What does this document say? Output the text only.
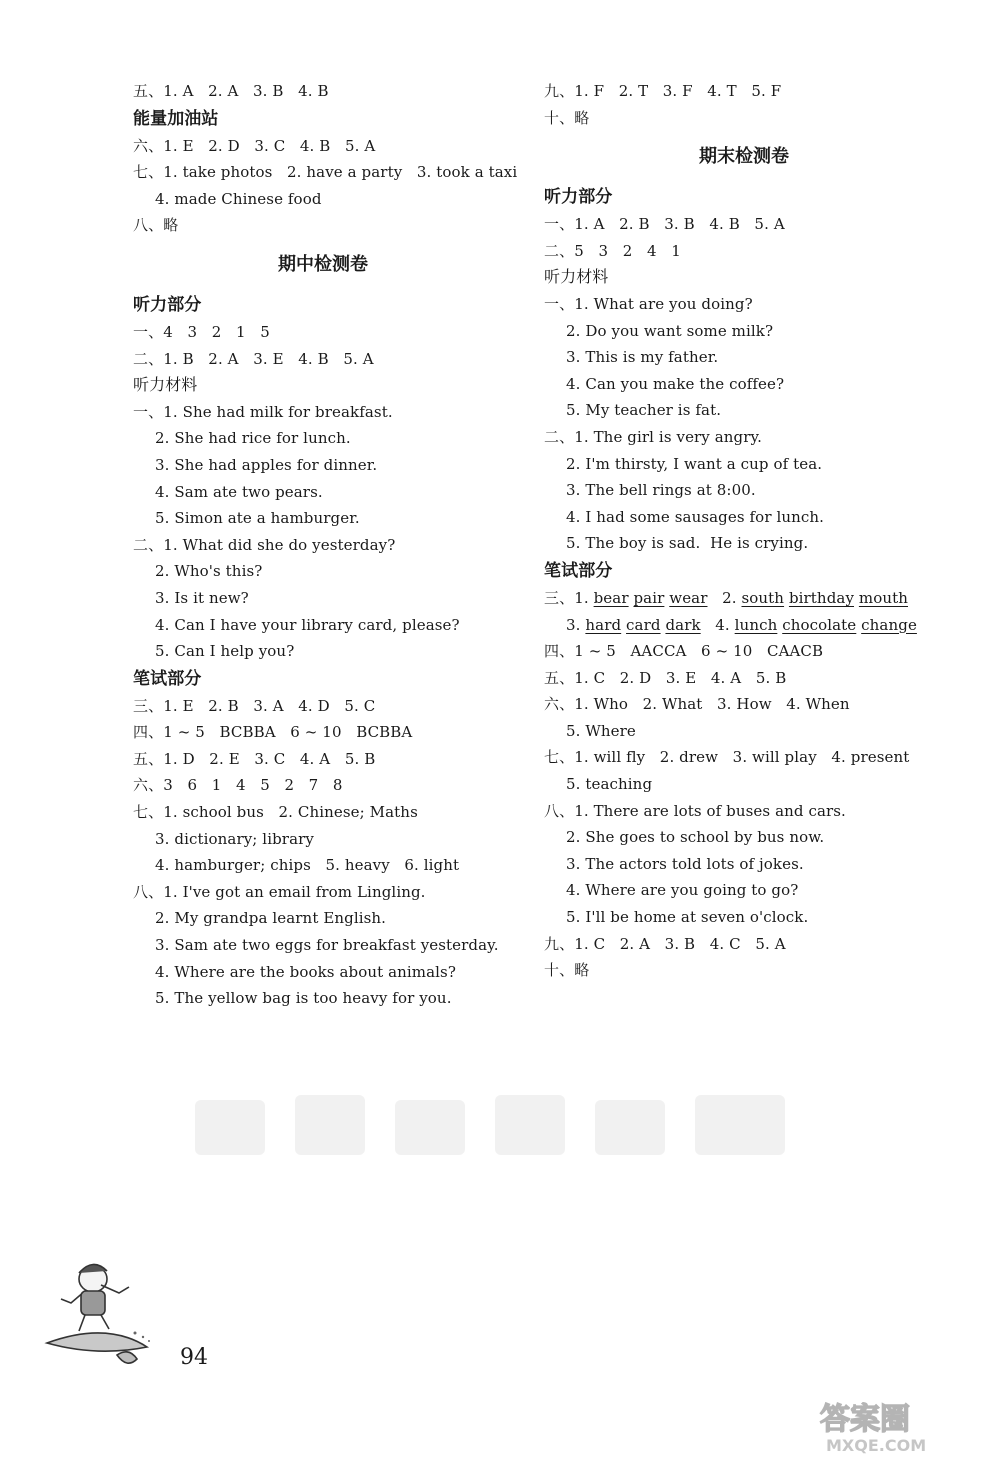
五、1. A   2. A   3. B   4. B
能量加油站
六、1. E   2. D   3. C   4. B   5. A
七、1. take photos   2. have a party   3. took a taxi
4. made Chinese food
八、略
期中检测卷
听力部分
一、4   3   2   1   5
二、1. B   2. A   3. E   4. B   5. A
听力材料
一、1. She had milk for breakfast.
2. She had rice for lunch.
3. She had apples for dinner.
4. Sam ate two pears.
5. Simon ate a hamburger.
二、1. What did she do yesterday?
2. Who's this?
3. Is it new?
4. Can I have your library card, please?
5. Can I help you?
笔试部分
三、1. E   2. B   3. A   4. D   5. C
四、1 ~ 5   BCBBA   6 ~ 10   BCBBA
五、1. D   2. E   3. C   4. A   5. B
六、3   6   1   4   5   2   7   8
七、1. school bus   2. Chinese; Maths
3. dictionary; library
4. hamburger; chips   5. heavy   6. light
八、1. I've got an email from Lingling.
2. My grandpa learnt English.
3. Sam ate two eggs for breakfast yesterday.
4. Where are the books about animals?
5. The yellow bag is too heavy for you.
九、1. F   2. T   3. F   4. T   5. F
十、略
期末检测卷
听力部分
一、1. A   2. B   3. B   4. B   5. A
二、5   3   2   4   1
听力材料
一、1. What are you doing?
2. Do you want some milk?
3. This is my father.
4. Can you make the coffee?
5. My teacher is fat.
二、1. The girl is very angry.
2. I'm thirsty, I want a cup of tea.
3. The bell rings at 8:00.
4. I had some sausages for lunch.
5. The boy is sad.  He is crying.
笔试部分
三、1. bear pair wear   2. south birthday mouth
3. hard card dark   4. lunch chocolate change
四、1 ~ 5   AACCA   6 ~ 10   CAACB
五、1. C   2. D   3. E   4. A   5. B
六、1. Who   2. What   3. How   4. When
5. Where
七、1. will fly   2. drew   3. will play   4. present
5. teaching
八、1. There are lots of buses and cars.
2. She goes to school by bus now.
3. The actors told lots of jokes.
4. Where are you going to go?
5. I'll be home at seven o'clock.
九、1. C   2. A   3. B   4. C   5. A
十、略
94
答案圈
MXQE.COM
